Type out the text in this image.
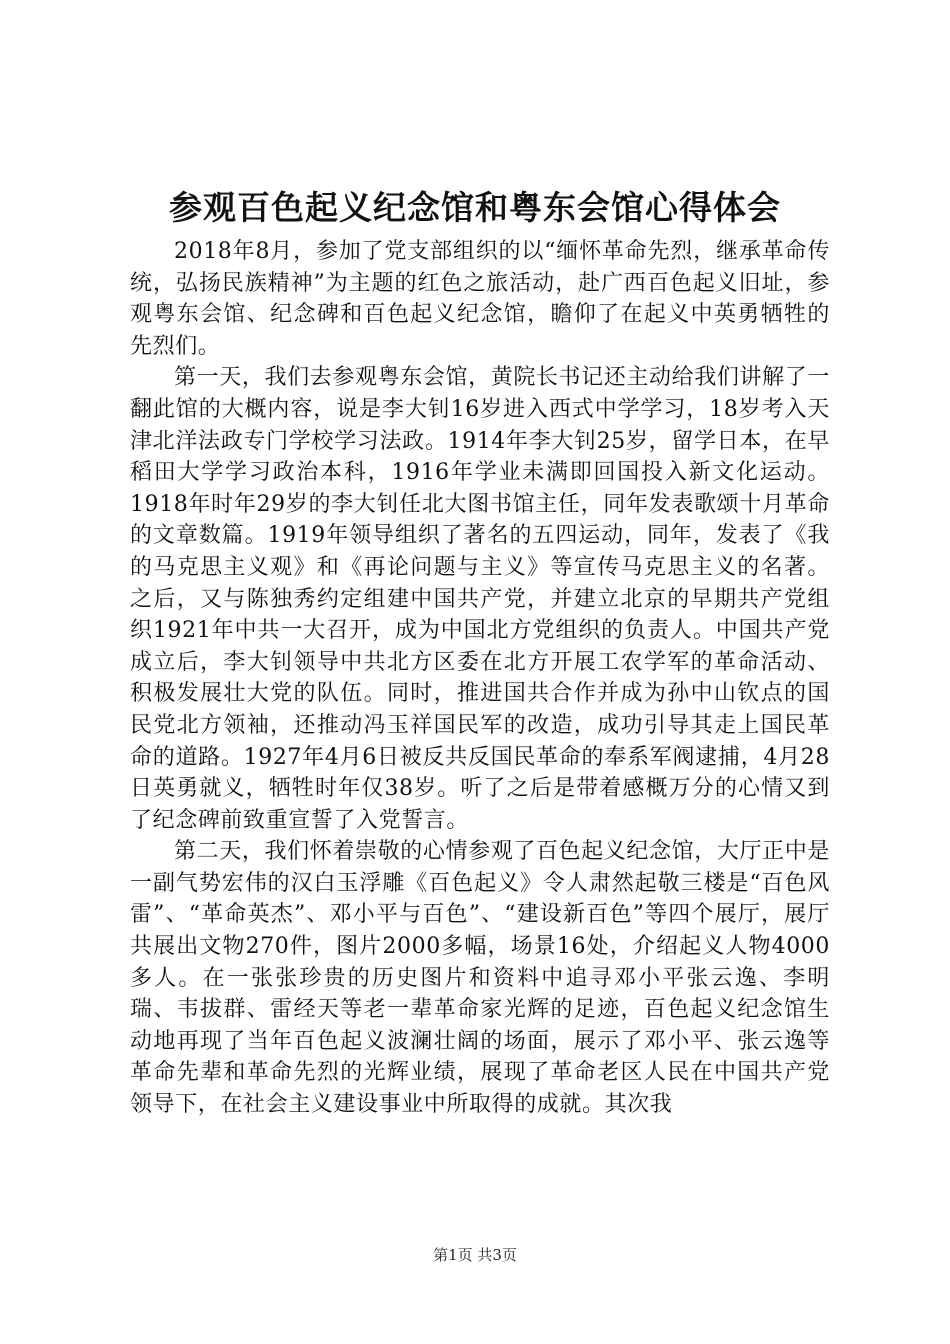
参观百色起义纪念馆和粤东会馆心得体会

2018年8月，参加了党支部组织的以“缅怀革命先烈，继承革命传统，弘扬民族精神”为主题的红色之旅活动，赴广西百色起义旧址，参观粤东会馆、纪念碑和百色起义纪念馆，瞻仰了在起义中英勇牺牲的先烈们。

第一天，我们去参观粤东会馆，黄院长书记还主动给我们讲解了一翻此馆的大概内容，说是李大钊16岁进入西式中学学习，18岁考入天津北洋法政专门学校学习法政。1914年李大钊25岁，留学日本，在早稻田大学学习政治本科，1916年学业未满即回国投入新文化运动。1918年时年29岁的李大钊任北大图书馆主任，同年发表歌颂十月革命的文章数篇。1919年领导组织了著名的五四运动，同年，发表了《我的马克思主义观》和《再论问题与主义》等宣传马克思主义的名著。之后，又与陈独秀约定组建中国共产党，并建立北京的早期共产党组织1921年中共一大召开，成为中国北方党组织的负责人。中国共产党成立后，李大钊领导中共北方区委在北方开展工农学军的革命活动、积极发展壮大党的队伍。同时，推进国共合作并成为孙中山钦点的国民党北方领袖，还推动冯玉祥国民军的改造，成功引导其走上国民革命的道路。1927年4月6日被反共反国民革命的奉系军阀逮捕，4月28日英勇就义，牺牲时年仅38岁。听了之后是带着感概万分的心情又到了纪念碑前致重宣誓了入党誓言。

第二天，我们怀着崇敬的心情参观了百色起义纪念馆，大厅正中是一副气势宏伟的汉白玉浮雕《百色起义》令人肃然起敬三楼是“百色风雷”、“革命英杰”、邓小平与百色”、“建设新百色”等四个展厅，展厅共展出文物270件，图片2000多幅，场景16处，介绍起义人物4000多人。在一张张珍贵的历史图片和资料中追寻邓小平张云逸、李明瑞、韦拔群、雷经天等老一辈革命家光辉的足迹，百色起义纪念馆生动地再现了当年百色起义波澜壮阔的场面，展示了邓小平、张云逸等革命先辈和革命先烈的光辉业绩，展现了革命老区人民在中国共产党领导下，在社会主义建设事业中所取得的成就。其次我

第1页 共3页
